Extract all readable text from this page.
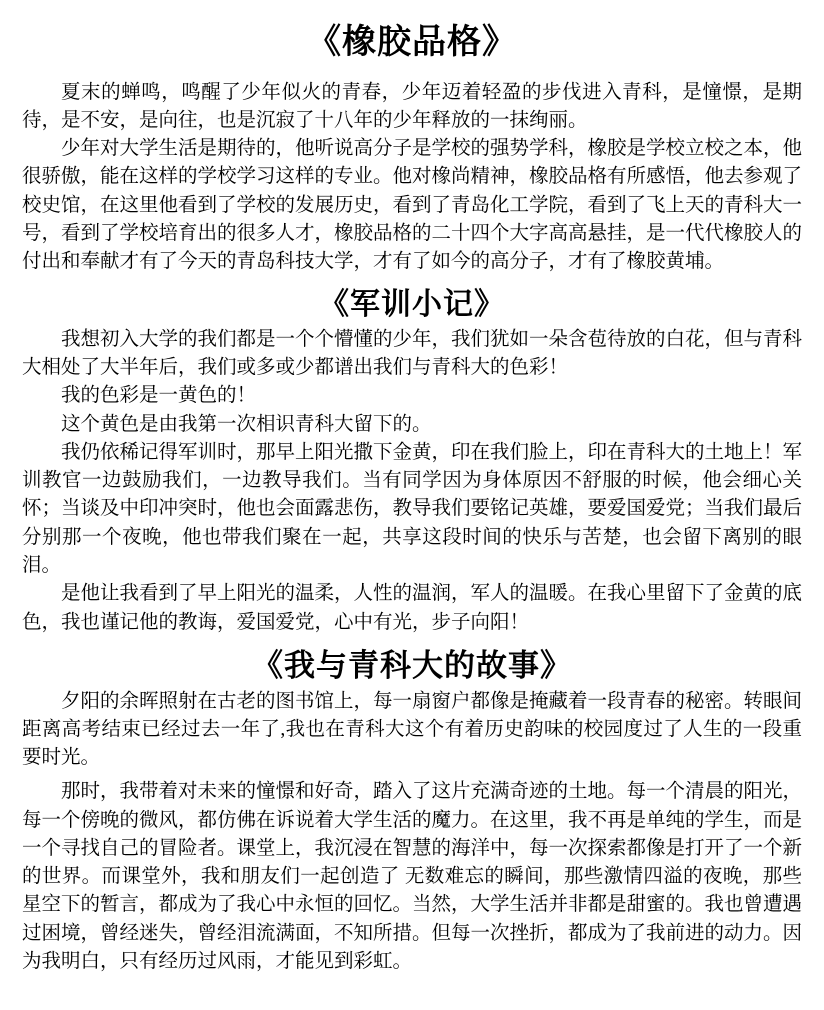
《橡胶品格》

夏末的蝉鸣，鸣醒了少年似火的青春，少年迈着轻盈的步伐进入青科，是憧憬，是期待，是不安，是向往，也是沉寂了十八年的少年释放的一抹绚丽。

少年对大学生活是期待的，他听说高分子是学校的强势学科，橡胶是学校立校之本，他很骄傲，能在这样的学校学习这样的专业。他对橡尚精神，橡胶品格有所感悟，他去参观了校史馆，在这里他看到了学校的发展历史，看到了青岛化工学院，看到了飞上天的青科大一号，看到了学校培育出的很多人才，橡胶品格的二十四个大字高高悬挂，是一代代橡胶人的付出和奉献才有了今天的青岛科技大学，才有了如今的高分子，才有了橡胶黄埔。

《军训小记》

我想初入大学的我们都是一个个懵懂的少年，我们犹如一朵含苞待放的白花，但与青科大相处了大半年后，我们或多或少都谱出我们与青科大的色彩！

我的色彩是一黄色的！

这个黄色是由我第一次相识青科大留下的。

我仍依稀记得军训时，那早上阳光撒下金黄，印在我们脸上，印在青科大的土地上！军训教官一边鼓励我们，一边教导我们。当有同学因为身体原因不舒服的时候，他会细心关怀；当谈及中印冲突时，他也会面露悲伤，教导我们要铭记英雄，要爱国爱党；当我们最后分别那一个夜晚，他也带我们聚在一起，共享这段时间的快乐与苦楚，也会留下离别的眼泪。

是他让我看到了早上阳光的温柔，人性的温润，军人的温暖。在我心里留下了金黄的底色，我也谨记他的教诲，爱国爱党，心中有光，步子向阳！

《我与青科大的故事》

夕阳的余晖照射在古老的图书馆上，每一扇窗户都像是掩藏着一段青春的秘密。转眼间距离高考结束已经过去一年了,我也在青科大这个有着历史韵味的校园度过了人生的一段重要时光。

那时，我带着对未来的憧憬和好奇，踏入了这片充满奇迹的土地。每一个清晨的阳光，每一个傍晚的微风，都仿佛在诉说着大学生活的魔力。在这里，我不再是单纯的学生，而是一个寻找自己的冒险者。课堂上，我沉浸在智慧的海洋中，每一次探索都像是打开了一个新的世界。而课堂外，我和朋友们一起创造了 无数难忘的瞬间，那些激情四溢的夜晚，那些星空下的暂言，都成为了我心中永恒的回忆。当然，大学生活并非都是甜蜜的。我也曾遭遇过困境，曾经迷失，曾经泪流满面，不知所措。但每一次挫折，都成为了我前进的动力。因为我明白，只有经历过风雨，才能见到彩虹。
